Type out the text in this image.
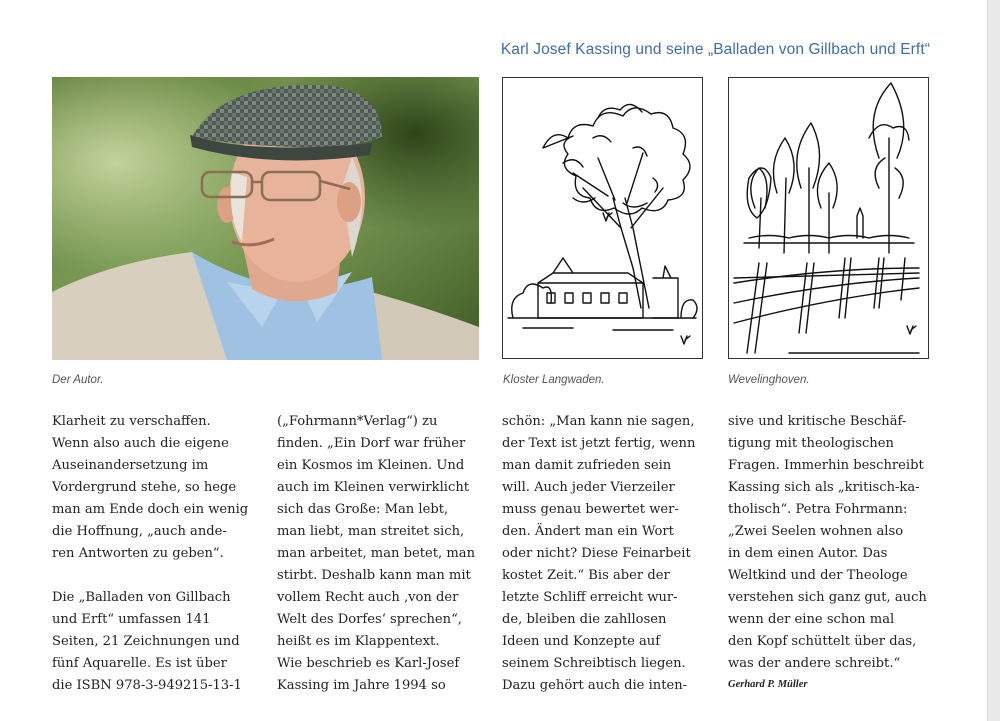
Karl Josef Kassing und seine „Balladen von Gillbach und Erft“
Der Autor.	Kloster Langwaden.	Wevelinghoven.
Klarheit zu verschaffen.
Wenn also auch die eigene
Auseinandersetzung im
Vordergrund stehe, so hege
man am Ende doch ein wenig
die Hoffnung, „auch ande-
ren Antworten zu geben“.
Die „Balladen von Gillbach
und Erft“ umfassen 141
Seiten, 21 Zeichnungen und
fünf Aquarelle. Es ist über
die ISBN 978-3-949215-13-1
(„Fohrmann*Verlag“) zu
finden. „Ein Dorf war früher
ein Kosmos im Kleinen. Und
auch im Kleinen verwirklicht
sich das Große: Man lebt,
man liebt, man streitet sich,
man arbeitet, man betet, man
stirbt. Deshalb kann man mit
vollem Recht auch ‚von der
Welt des Dorfes‘ sprechen“,
heißt es im Klappentext.
Wie beschrieb es Karl-Josef
Kassing im Jahre 1994 so
schön: „Man kann nie sagen,
der Text ist jetzt fertig, wenn
man damit zufrieden sein
will. Auch jeder Vierzeiler
muss genau bewertet wer-
den. Ändert man ein Wort
oder nicht? Diese Feinarbeit
kostet Zeit.“ Bis aber der
letzte Schliff erreicht wur-
de, bleiben die zahllosen
Ideen und Konzepte auf
seinem Schreibtisch liegen.
Dazu gehört auch die inten-
sive und kritische Beschäf-
tigung mit theologischen
Fragen. Immerhin beschreibt
Kassing sich als „kritisch-ka-
tholisch“. Petra Fohrmann:
„Zwei Seelen wohnen also
in dem einen Autor. Das
Weltkind und der Theologe
verstehen sich ganz gut, auch
wenn der eine schon mal
den Kopf schüttelt über das,
was der andere schreibt.“
Gerhard P. Müller
